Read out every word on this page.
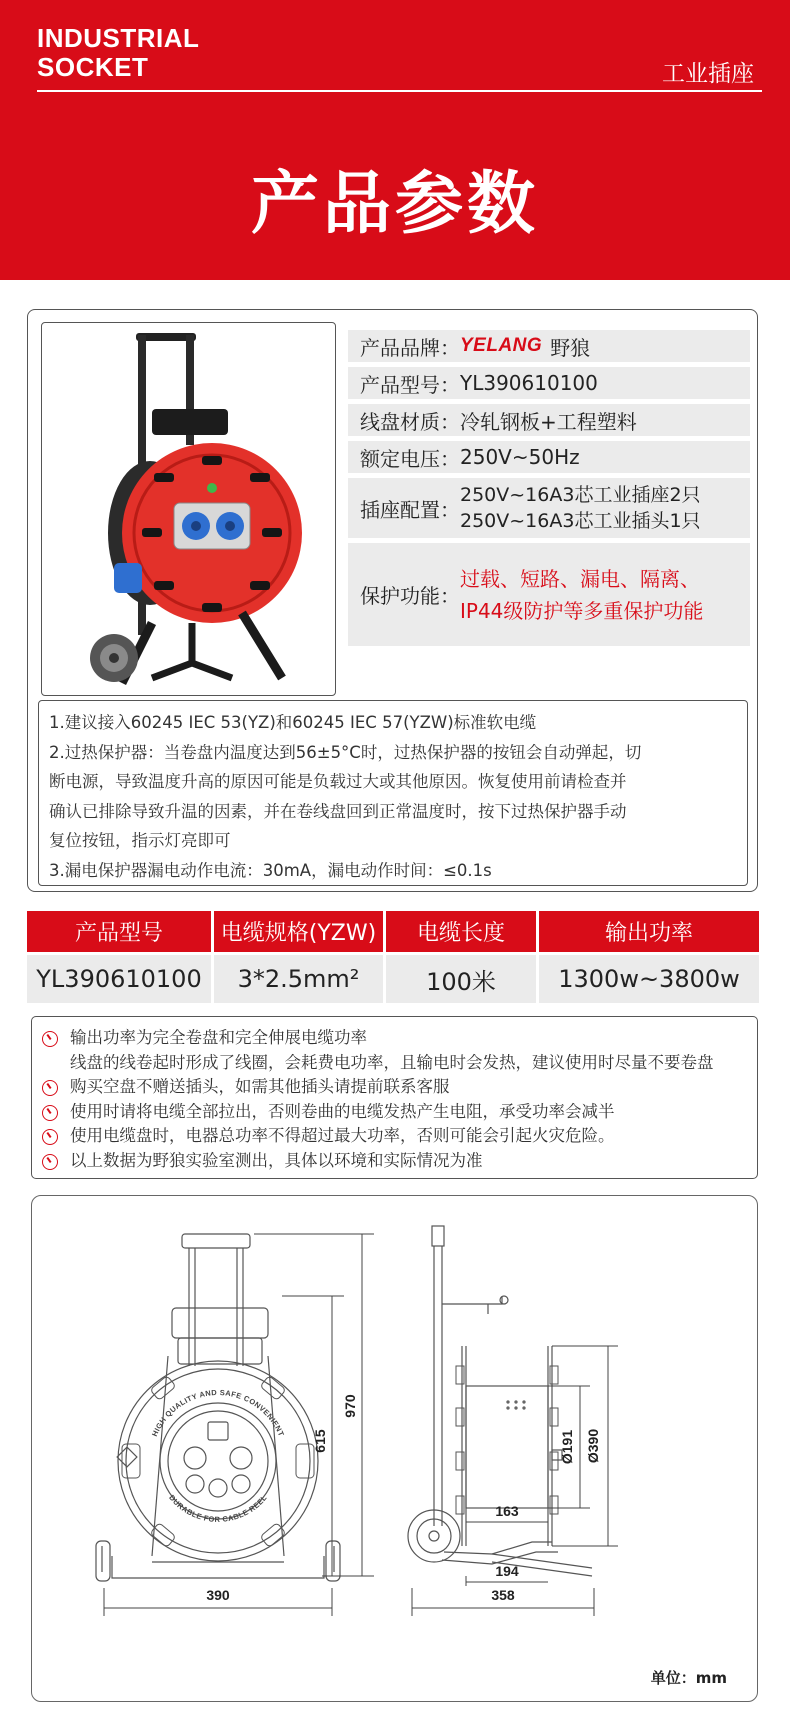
INDUSTRIAL
SOCKET	工业插座
产品参数
产品品牌： YELANG 野狼
产品型号： YL390610100
线盘材质： 冷轧钢板+工程塑料
额定电压： 250V~50Hz
插座配置：
250V~16A3芯工业插座2只
250V~16A3芯工业插头1只
保护功能：
过载、短路、漏电、隔离、
IP44级防护等多重保护功能
1.建议接入60245 IEC 53(YZ)和60245 IEC 57(YZW)标准软电缆
2.过热保护器：当卷盘内温度达到56±5°C时，过热保护器的按钮会自动弹起，切
断电源，导致温度升高的原因可能是负载过大或其他原因。恢复使用前请检查并
确认已排除导致升温的因素，并在卷线盘回到正常温度时，按下过热保护器手动
复位按钮，指示灯亮即可
3.漏电保护器漏电动作电流：30mA，漏电动作时间：≤0.1s
产品型号	电缆规格(YZW)	电缆长度	输出功率
YL390610100	3*2.5mm²	100米	1300w~3800w
输出功率为完全卷盘和完全伸展电缆功率
线盘的线卷起时形成了线圈，会耗费电功率，且输电时会发热，建议使用时尽量不要卷盘
购买空盘不赠送插头，如需其他插头请提前联系客服
使用时请将电缆全部拉出，否则卷曲的电缆发热产生电阻，承受功率会减半
使用电缆盘时，电器总功率不得超过最大功率，否则可能会引起火灾危险。
以上数据为野狼实验室测出，具体以环境和实际情况为准
HIGH QUALITY AND SAFE CONVENIENT
DURABLE FOR CABLE REEL
390
615
970
Ø390
Ø191
163
194
358
单位：mm
